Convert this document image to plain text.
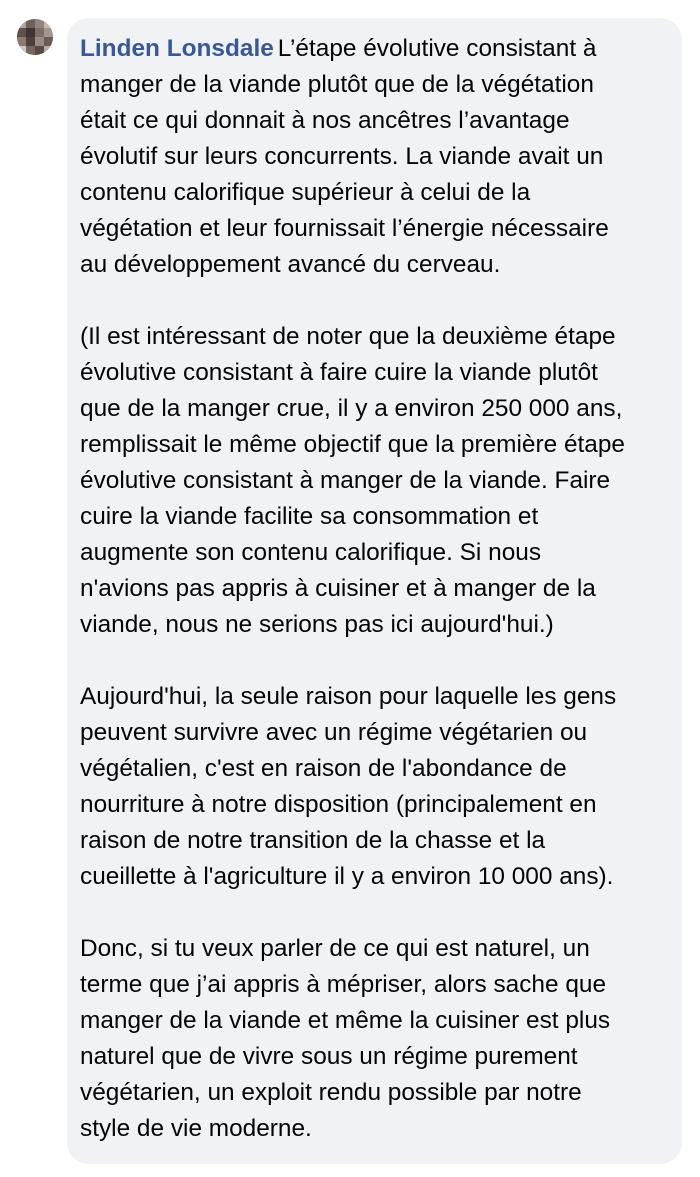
Linden Lonsdale L’étape évolutive consistant à
manger de la viande plutôt que de la végétation
était ce qui donnait à nos ancêtres l’avantage
évolutif sur leurs concurrents. La viande avait un
contenu calorifique supérieur à celui de la
végétation et leur fournissait l’énergie nécessaire
au développement avancé du cerveau.

(Il est intéressant de noter que la deuxième étape
évolutive consistant à faire cuire la viande plutôt
que de la manger crue, il y a environ 250 000 ans,
remplissait le même objectif que la première étape
évolutive consistant à manger de la viande. Faire
cuire la viande facilite sa consommation et
augmente son contenu calorifique. Si nous
n'avions pas appris à cuisiner et à manger de la
viande, nous ne serions pas ici aujourd'hui.)

Aujourd'hui, la seule raison pour laquelle les gens
peuvent survivre avec un régime végétarien ou
végétalien, c'est en raison de l'abondance de
nourriture à notre disposition (principalement en
raison de notre transition de la chasse et la
cueillette à l'agriculture il y a environ 10 000 ans).

Donc, si tu veux parler de ce qui est naturel, un
terme que j’ai appris à mépriser, alors sache que
manger de la viande et même la cuisiner est plus
naturel que de vivre sous un régime purement
végétarien, un exploit rendu possible par notre
style de vie moderne.
